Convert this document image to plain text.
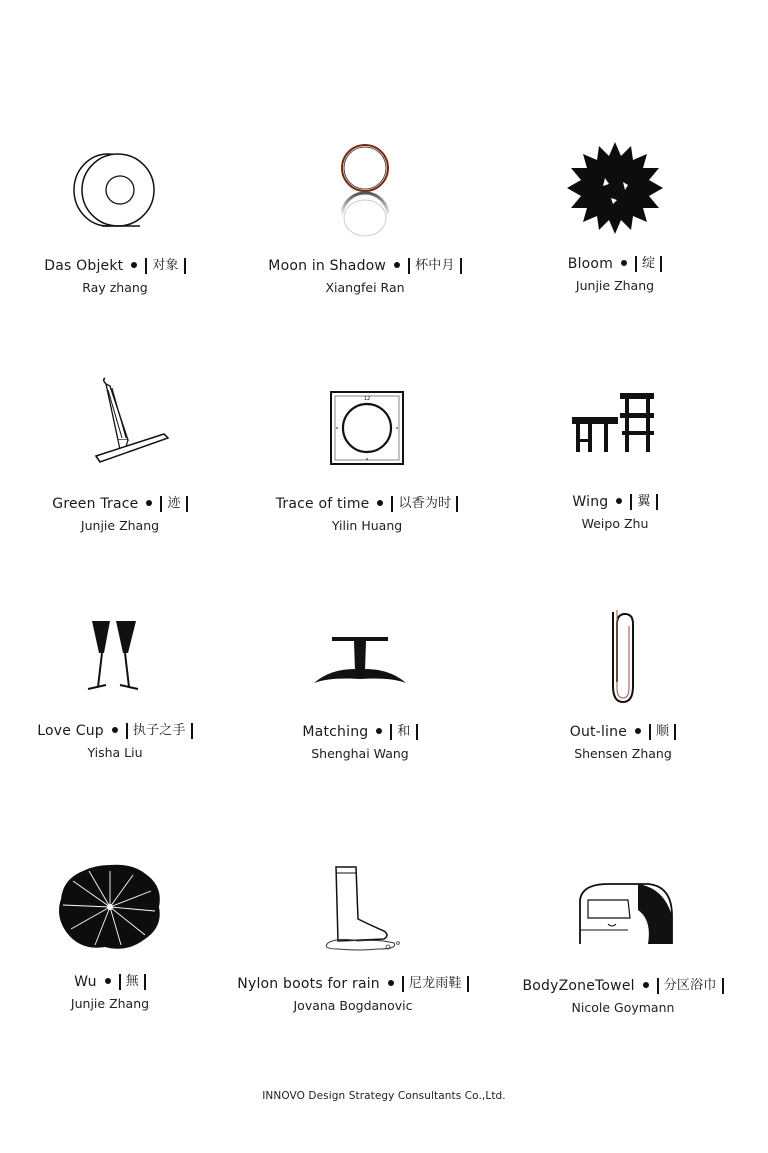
Das Objekt 对象
Ray zhang
Moon in Shadow 杯中月
Xiangfei Ran
Bloom 绽
Junjie Zhang
Green Trace 迹
Junjie Zhang
12
Trace of time 以香为时
Yilin Huang
Wing 翼
Weipo Zhu
Love Cup 执子之手
Yisha Liu
Matching 和
Shenghai Wang
Out-line 顺
Shensen Zhang
Wu 無
Junjie Zhang
Nylon boots for rain 尼龙雨鞋
Jovana Bogdanovic
BodyZoneTowel 分区浴巾
Nicole Goymann
INNOVO Design Strategy Consultants Co.,Ltd.
